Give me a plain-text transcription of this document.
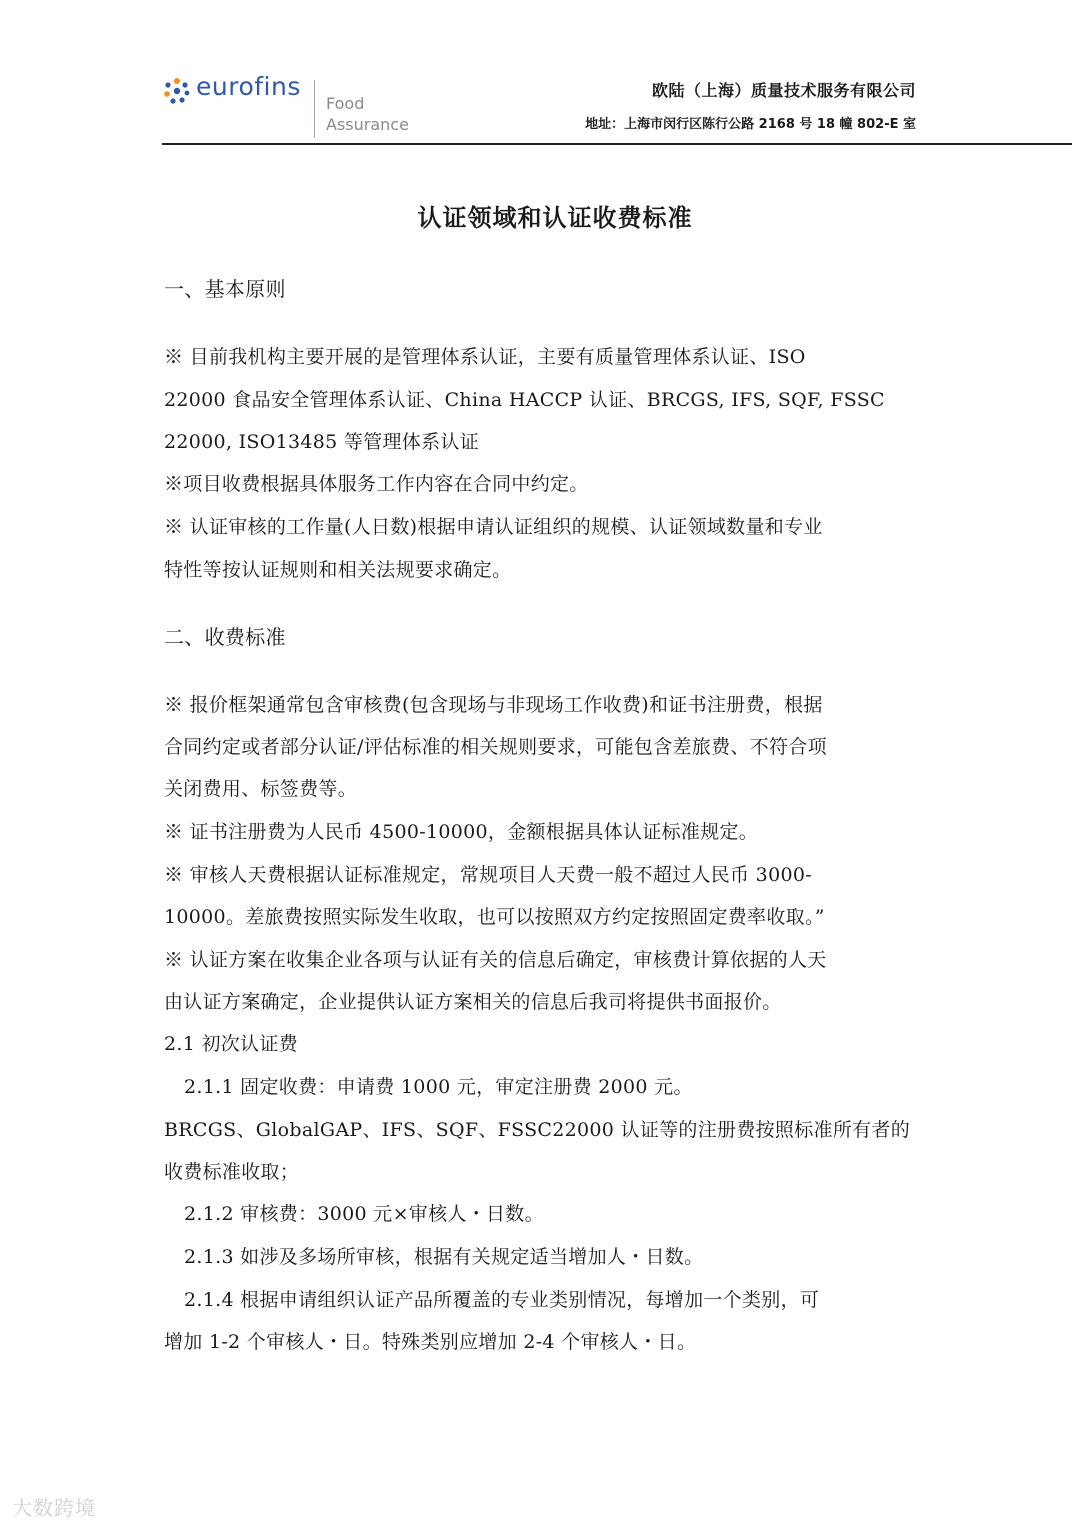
eurofins
Food
Assurance
欧陆（上海）质量技术服务有限公司
地址：上海市闵行区陈行公路 2168 号 18 幢 802-E 室
认证领域和认证收费标准
一、基本原则
※ 目前我机构主要开展的是管理体系认证，主要有质量管理体系认证、ISO
22000 食品安全管理体系认证、China HACCP 认证、BRCGS, IFS, SQF, FSSC
22000, ISO13485 等管理体系认证
※项目收费根据具体服务工作内容在合同中约定。
※ 认证审核的工作量(人日数)根据申请认证组织的规模、认证领域数量和专业
特性等按认证规则和相关法规要求确定。
二、收费标准
※ 报价框架通常包含审核费(包含现场与非现场工作收费)和证书注册费，根据
合同约定或者部分认证/评估标准的相关规则要求，可能包含差旅费、不符合项
关闭费用、标签费等。
※ 证书注册费为人民币 4500-10000，金额根据具体认证标准规定。
※ 审核人天费根据认证标准规定，常规项目人天费一般不超过人民币 3000-
10000。差旅费按照实际发生收取，也可以按照双方约定按照固定费率收取。”
※ 认证方案在收集企业各项与认证有关的信息后确定，审核费计算依据的人天
由认证方案确定，企业提供认证方案相关的信息后我司将提供书面报价。
2.1 初次认证费
2.1.1 固定收费：申请费 1000 元，审定注册费 2000 元。
BRCGS、GlobalGAP、IFS、SQF、FSSC22000 认证等的注册费按照标准所有者的
收费标准收取；
2.1.2 审核费：3000 元×审核人・日数。
2.1.3 如涉及多场所审核，根据有关规定适当增加人・日数。
2.1.4 根据申请组织认证产品所覆盖的专业类别情况，每增加一个类别，可
增加 1-2 个审核人・日。特殊类别应增加 2-4 个审核人・日。
大数跨境
